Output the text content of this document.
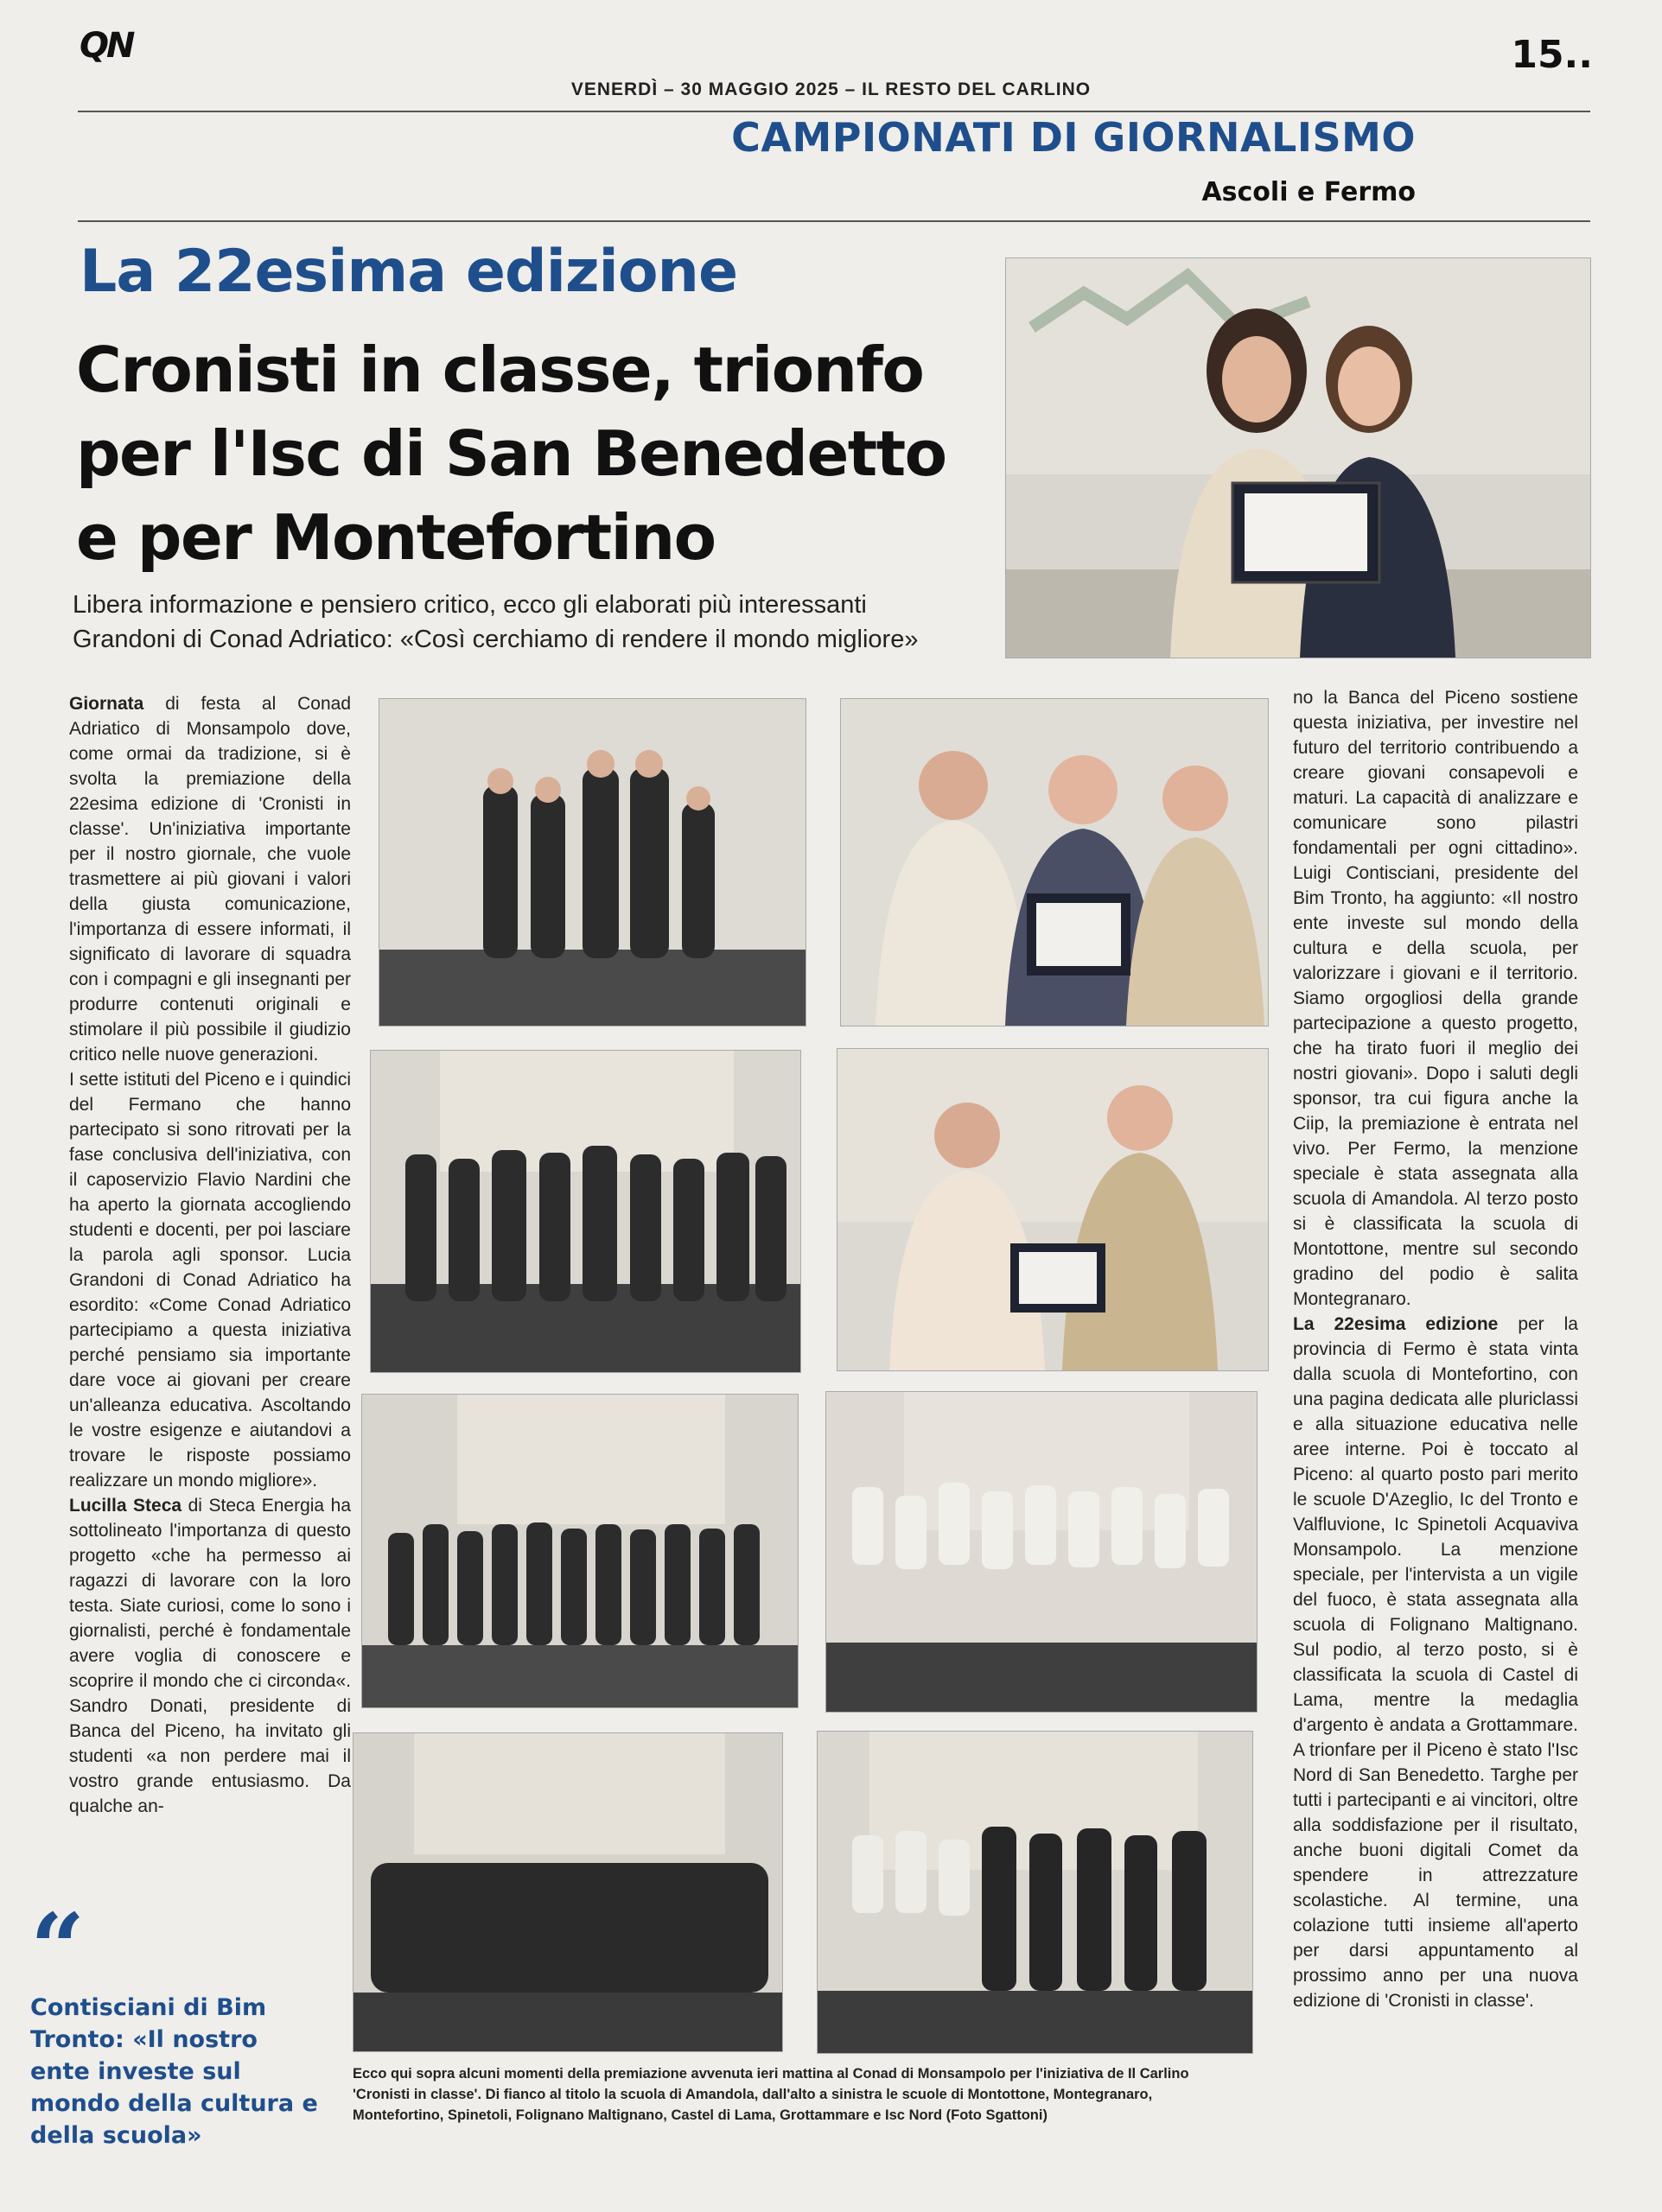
QN
VENERDÌ – 30 MAGGIO 2025 – IL RESTO DEL CARLINO
15..
CAMPIONATI DI GIORNALISMO
Ascoli e Fermo
La 22esima edizione
Cronisti in classe, trionfo per l'Isc di San Benedetto e per Montefortino
Libera informazione e pensiero critico, ecco gli elaborati più interessanti
Grandoni di Conad Adriatico: «Così cerchiamo di rendere il mondo migliore»

Giornata di festa al Conad Adriatico di Monsampolo dove, come ormai da tradizione, si è svolta la premiazione della 22esima edizione di 'Cronisti in classe'. Un'iniziativa importante per il nostro giornale, che vuole trasmettere ai più giovani i valori della giusta comunicazione, l'importanza di essere informati, il significato di lavorare di squadra con i compagni e gli insegnanti per produrre contenuti originali e stimolare il più possibile il giudizio critico nelle nuove generazioni.

I sette istituti del Piceno e i quindici del Fermano che hanno partecipato si sono ritrovati per la fase conclusiva dell'iniziativa, con il caposervizio Flavio Nardini che ha aperto la giornata accogliendo studenti e docenti, per poi lasciare la parola agli sponsor. Lucia Grandoni di Conad Adriatico ha esordito: «Come Conad Adriatico partecipiamo a questa iniziativa perché pensiamo sia importante dare voce ai giovani per creare un'alleanza educativa. Ascoltando le vostre esigenze e aiutandovi a trovare le risposte possiamo realizzare un mondo migliore».

Lucilla Steca di Steca Energia ha sottolineato l'importanza di questo progetto «che ha permesso ai ragazzi di lavorare con la loro testa. Siate curiosi, come lo sono i giornalisti, perché è fondamentale avere voglia di conoscere e scoprire il mondo che ci circonda«. Sandro Donati, presidente di Banca del Piceno, ha invitato gli studenti «a non perdere mai il vostro grande entusiasmo. Da qualche an-

“
Contisciani di Bim Tronto: «Il nostro ente investe sul mondo della cultura e della scuola»

no la Banca del Piceno sostiene questa iniziativa, per investire nel futuro del territorio contribuendo a creare giovani consapevoli e maturi. La capacità di analizzare e comunicare sono pilastri fondamentali per ogni cittadino». Luigi Contisciani, presidente del Bim Tronto, ha aggiunto: «Il nostro ente investe sul mondo della cultura e della scuola, per valorizzare i giovani e il territorio. Siamo orgogliosi della grande partecipazione a questo progetto, che ha tirato fuori il meglio dei nostri giovani». Dopo i saluti degli sponsor, tra cui figura anche la Ciip, la premiazione è entrata nel vivo. Per Fermo, la menzione speciale è stata assegnata alla scuola di Amandola. Al terzo posto si è classificata la scuola di Montottone, mentre sul secondo gradino del podio è salita Montegranaro.

La 22esima edizione per la provincia di Fermo è stata vinta dalla scuola di Montefortino, con una pagina dedicata alle pluriclassi e alla situazione educativa nelle aree interne. Poi è toccato al Piceno: al quarto posto pari merito le scuole D'Azeglio, Ic del Tronto e Valfluvione, Ic Spinetoli Acquaviva Monsampolo. La menzione speciale, per l'intervista a un vigile del fuoco, è stata assegnata alla scuola di Folignano Maltignano. Sul podio, al terzo posto, si è classificata la scuola di Castel di Lama, mentre la medaglia d'argento è andata a Grottammare. A trionfare per il Piceno è stato l'Isc Nord di San Benedetto. Targhe per tutti i partecipanti e ai vincitori, oltre alla soddisfazione per il risultato, anche buoni digitali Comet da spendere in attrezzature scolastiche. Al termine, una colazione tutti insieme all'aperto per darsi appuntamento al prossimo anno per una nuova edizione di 'Cronisti in classe'.

Ecco qui sopra alcuni momenti della premiazione avvenuta ieri mattina al Conad di Monsampolo per l'iniziativa de Il Carlino 'Cronisti in classe'. Di fianco al titolo la scuola di Amandola, dall'alto a sinistra le scuole di Montottone, Montegranaro, Montefortino, Spinetoli, Folignano Maltignano, Castel di Lama, Grottammare e Isc Nord (Foto Sgattoni)
